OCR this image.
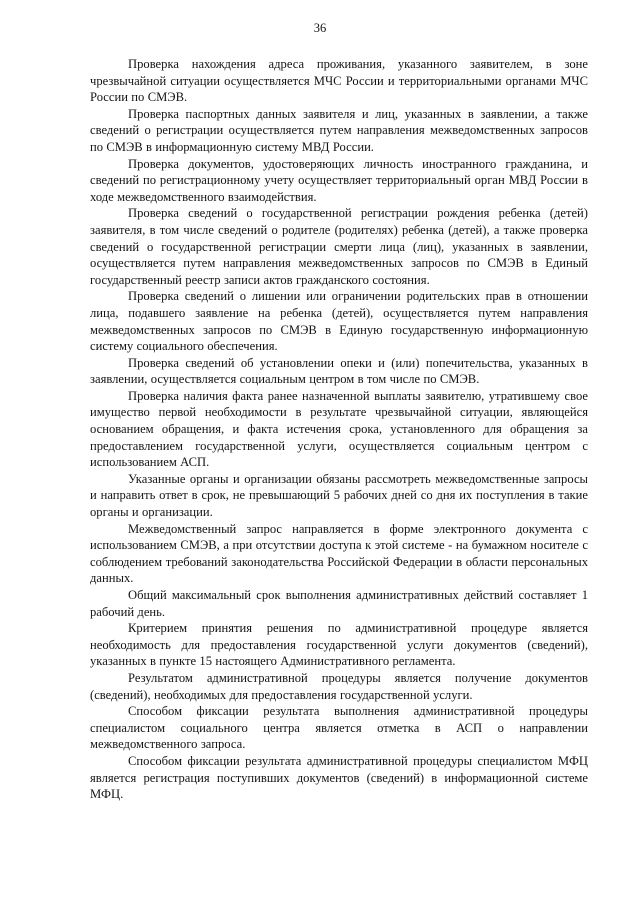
36

Проверка нахождения адреса проживания, указанного заявителем, в зоне чрезвычайной ситуации осуществляется МЧС России и территориальными органами МЧС России по СМЭВ.

Проверка паспортных данных заявителя и лиц, указанных в заявлении, а также сведений о регистрации осуществляется путем направления межведомственных запросов по СМЭВ в информационную систему МВД России.

Проверка документов, удостоверяющих личность иностранного гражданина, и сведений по регистрационному учету осуществляет территориальный орган МВД России в ходе межведомственного взаимодействия.

Проверка сведений о государственной регистрации рождения ребенка (детей) заявителя, в том числе сведений о родителе (родителях) ребенка (детей), а также проверка сведений о государственной регистрации смерти лица (лиц), указанных в заявлении, осуществляется путем направления межведомственных запросов по СМЭВ в Единый государственный реестр записи актов гражданского состояния.

Проверка сведений о лишении или ограничении родительских прав в отношении лица, подавшего заявление на ребенка (детей), осуществляется путем направления межведомственных запросов по СМЭВ в Единую государственную информационную систему социального обеспечения.

Проверка сведений об установлении опеки и (или) попечительства, указанных в заявлении, осуществляется социальным центром в том числе по СМЭВ.

Проверка наличия факта ранее назначенной выплаты заявителю, утратившему свое имущество первой необходимости в результате чрезвычайной ситуации, являющейся основанием обращения, и факта истечения срока, установленного для обращения за предоставлением государственной услуги, осуществляется социальным центром с использованием АСП.

Указанные органы и организации обязаны рассмотреть межведомственные запросы и направить ответ в срок, не превышающий 5 рабочих дней со дня их поступления в такие органы и организации.

Межведомственный запрос направляется в форме электронного документа с использованием СМЭВ, а при отсутствии доступа к этой системе - на бумажном носителе с соблюдением требований законодательства Российской Федерации в области персональных данных.

Общий максимальный срок выполнения административных действий составляет 1 рабочий день.

Критерием принятия решения по административной процедуре является необходимость для предоставления государственной услуги документов (сведений), указанных в пункте 15 настоящего Административного регламента.

Результатом административной процедуры является получение документов (сведений), необходимых для предоставления государственной услуги.

Способом фиксации результата выполнения административной процедуры специалистом социального центра является отметка в АСП о направлении межведомственного запроса.

Способом фиксации результата административной процедуры специалистом МФЦ является регистрация поступивших документов (сведений) в информационной системе МФЦ.
